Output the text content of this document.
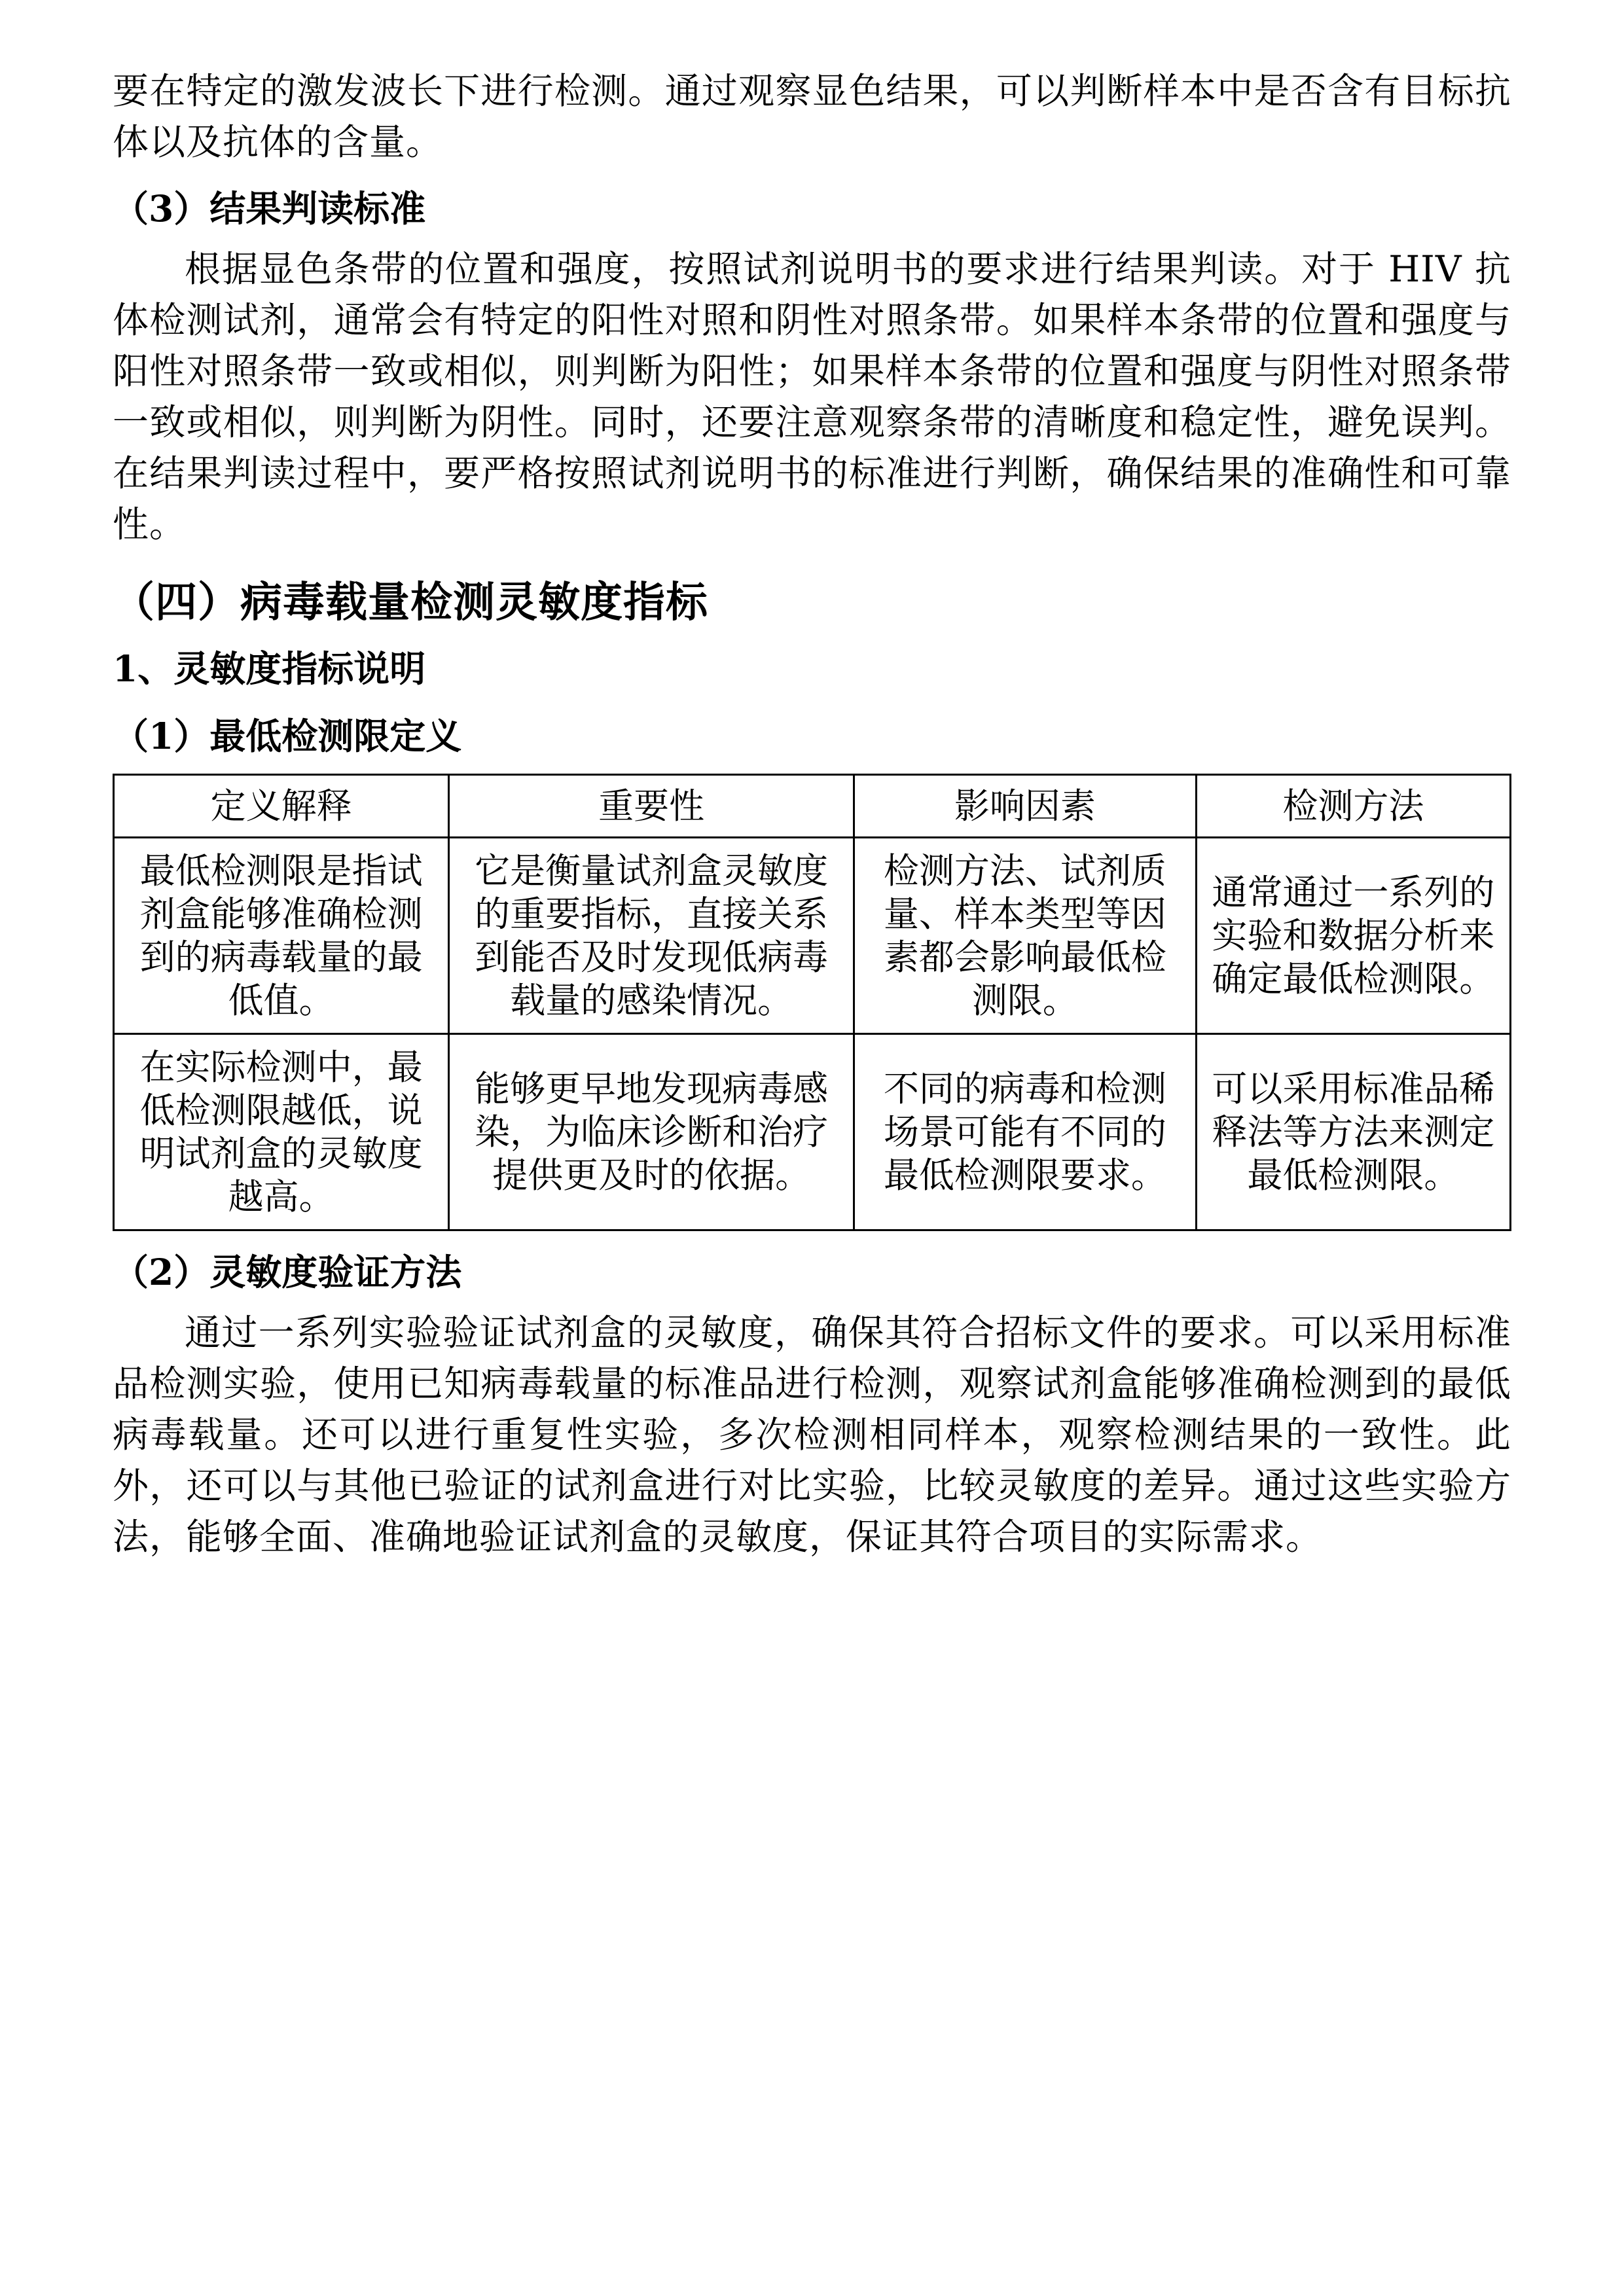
要在特定的激发波长下进行检测。通过观察显色结果，可以判断样本中是否含有目标抗体以及抗体的含量。

（3）结果判读标准

根据显色条带的位置和强度，按照试剂说明书的要求进行结果判读。对于 HIV 抗体检测试剂，通常会有特定的阳性对照和阴性对照条带。如果样本条带的位置和强度与阳性对照条带一致或相似，则判断为阳性；如果样本条带的位置和强度与阴性对照条带一致或相似，则判断为阴性。同时，还要注意观察条带的清晰度和稳定性，避免误判。在结果判读过程中，要严格按照试剂说明书的标准进行判断，确保结果的准确性和可靠性。

（四）病毒载量检测灵敏度指标
1、灵敏度指标说明
（1）最低检测限定义
定义解释	重要性	影响因素	检测方法
最低检测限是指试剂盒能够准确检测到的病毒载量的最低值。	它是衡量试剂盒灵敏度的重要指标，直接关系到能否及时发现低病毒载量的感染情况。	检测方法、试剂质量、样本类型等因素都会影响最低检测限。	通常通过一系列的实验和数据分析来确定最低检测限。
在实际检测中，最低检测限越低，说明试剂盒的灵敏度越高。	能够更早地发现病毒感染，为临床诊断和治疗提供更及时的依据。	不同的病毒和检测场景可能有不同的最低检测限要求。	可以采用标准品稀释法等方法来测定最低检测限。
（2）灵敏度验证方法

通过一系列实验验证试剂盒的灵敏度，确保其符合招标文件的要求。可以采用标准品检测实验，使用已知病毒载量的标准品进行检测，观察试剂盒能够准确检测到的最低病毒载量。还可以进行重复性实验，多次检测相同样本，观察检测结果的一致性。此外，还可以与其他已验证的试剂盒进行对比实验，比较灵敏度的差异。通过这些实验方法，能够全面、准确地验证试剂盒的灵敏度，保证其符合项目的实际需求。
